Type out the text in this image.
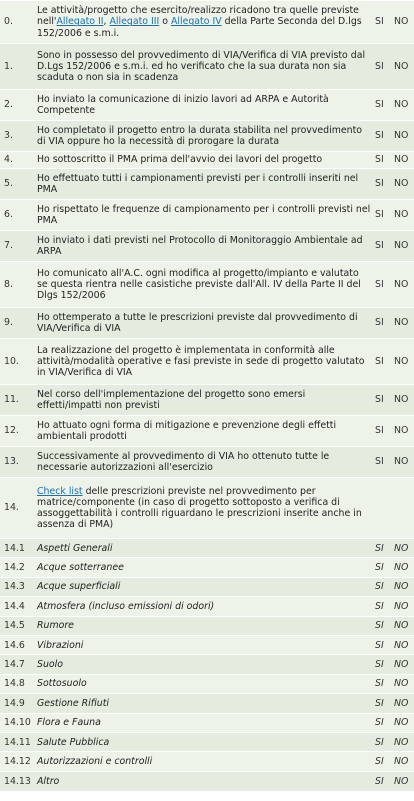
0.	Le attività/progetto che esercito/realizzo ricadono tra quelle previste nell'Allegato II, Allegato III o Allegato IV della Parte Seconda del D.lgs 152/2006 e s.m.i.	SI	NO
1.	Sono in possesso del provvedimento di VIA/Verifica di VIA previsto dal D.Lgs 152/2006 e s.m.i. ed ho verificato che la sua durata non sia scaduta o non sia in scadenza	SI	NO
2.	Ho inviato la comunicazione di inizio lavori ad ARPA e Autorità Competente	SI	NO
3.	Ho completato il progetto entro la durata stabilita nel provvedimento di VIA oppure ho la necessità di prorogare la durata	SI	NO
4.	Ho sottoscritto il PMA prima dell'avvio dei lavori del progetto	SI	NO
5.	Ho effettuato tutti i campionamenti previsti per i controlli inseriti nel PMA	SI	NO
6.	Ho rispettato le frequenze di campionamento per i controlli previsti nel PMA	SI	NO
7.	Ho inviato i dati previsti nel Protocollo di Monitoraggio Ambientale ad ARPA	SI	NO
8.	Ho comunicato all'A.C. ogni modifica al progetto/impianto e valutato se questa rientra nelle casistiche previste dall'All. IV della Parte II del Dlgs 152/2006	SI	NO
9.	Ho ottemperato a tutte le prescrizioni previste dal provvedimento di VIA/Verifica di VIA	SI	NO
10.	La realizzazione del progetto è implementata in conformità alle attività/modalità operative e fasi previste in sede di progetto valutato in VIA/Verifica di VIA	SI	NO
11.	Nel corso dell'implementazione del progetto sono emersi effetti/impatti non previsti	SI	NO
12.	Ho attuato ogni forma di mitigazione e prevenzione degli effetti ambientali prodotti	SI	NO
13.	Successivamente al provvedimento di VIA ho ottenuto tutte le necessarie autorizzazioni all'esercizio	SI	NO
14.	Check list delle prescrizioni previste nel provvedimento per matrice/componente (in caso di progetto sottoposto a verifica di assoggettabilità i controlli riguardano le prescrizioni inserite anche in assenza di PMA)		
14.1	Aspetti Generali	SI	NO
14.2	Acque sotterranee	SI	NO
14.3	Acque superficiali	SI	NO
14.4	Atmosfera (incluso emissioni di odori)	SI	NO
14.5	Rumore	SI	NO
14.6	Vibrazioni	SI	NO
14.7	Suolo	SI	NO
14.8	Sottosuolo	SI	NO
14.9	Gestione Rifiuti	SI	NO
14.10	Flora e Fauna	SI	NO
14.11	Salute Pubblica	SI	NO
14.12	Autorizzazioni e controlli	SI	NO
14.13	Altro	SI	NO
